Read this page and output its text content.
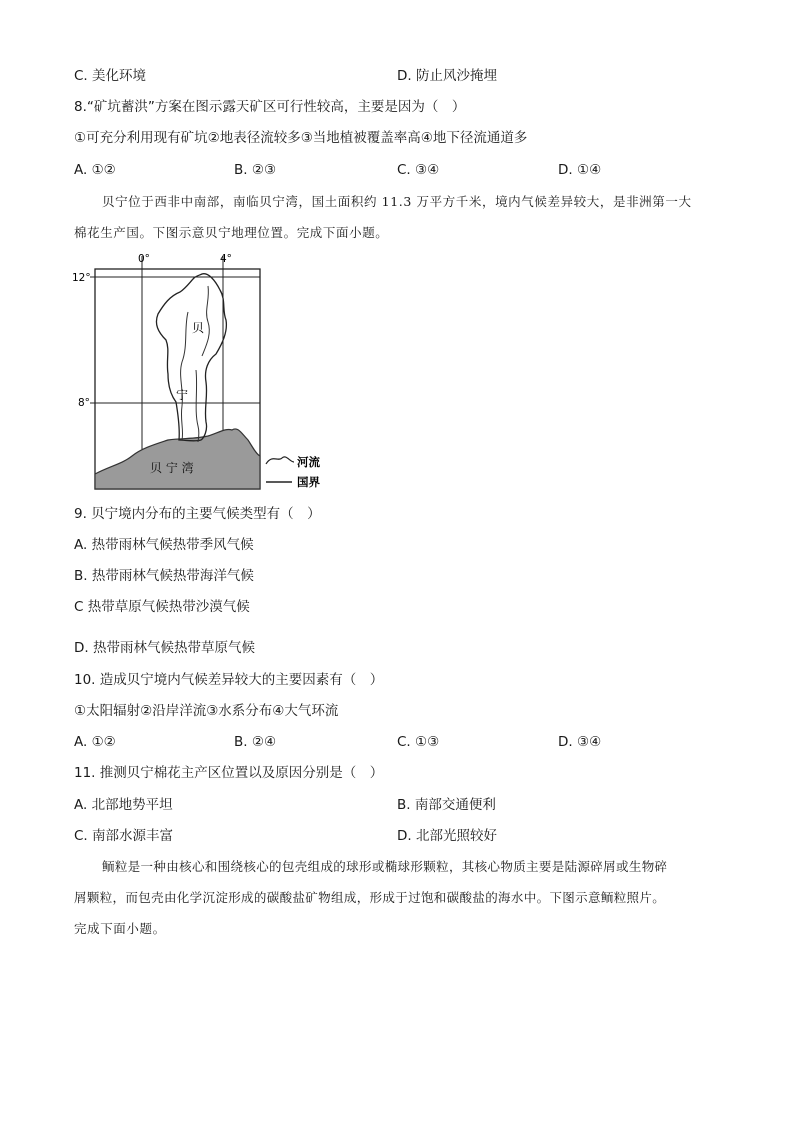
C. 美化环境	D. 防止风沙掩埋
8.“矿坑蓄洪”方案在图示露天矿区可行性较高，主要是因为（　）
①可充分利用现有矿坑②地表径流较多③当地植被覆盖率高④地下径流通道多
A. ①②	B. ②③	C. ③④	D. ①④
贝宁位于西非中南部，南临贝宁湾，国土面积约 11.3 万平方千米，境内气候差异较大，是非洲第一大
棉花生产国。下图示意贝宁地理位置。完成下面小题。
0°	4°
12°
8°
贝
宁
贝 宁 湾	河流
国界
9. 贝宁境内分布的主要气候类型有（　）
A. 热带雨林气候热带季风气候
B. 热带雨林气候热带海洋气候
C 热带草原气候热带沙漠气候
D. 热带雨林气候热带草原气候
10. 造成贝宁境内气候差异较大的主要因素有（　）
①太阳辐射②沿岸洋流③水系分布④大气环流
A. ①②	B. ②④	C. ①③	D. ③④
11. 推测贝宁棉花主产区位置以及原因分别是（　）
A. 北部地势平坦	B. 南部交通便利
C. 南部水源丰富	D. 北部光照较好
鲕粒是一种由核心和围绕核心的包壳组成的球形或椭球形颗粒，其核心物质主要是陆源碎屑或生物碎
屑颗粒，而包壳由化学沉淀形成的碳酸盐矿物组成，形成于过饱和碳酸盐的海水中。下图示意鲕粒照片。
完成下面小题。
